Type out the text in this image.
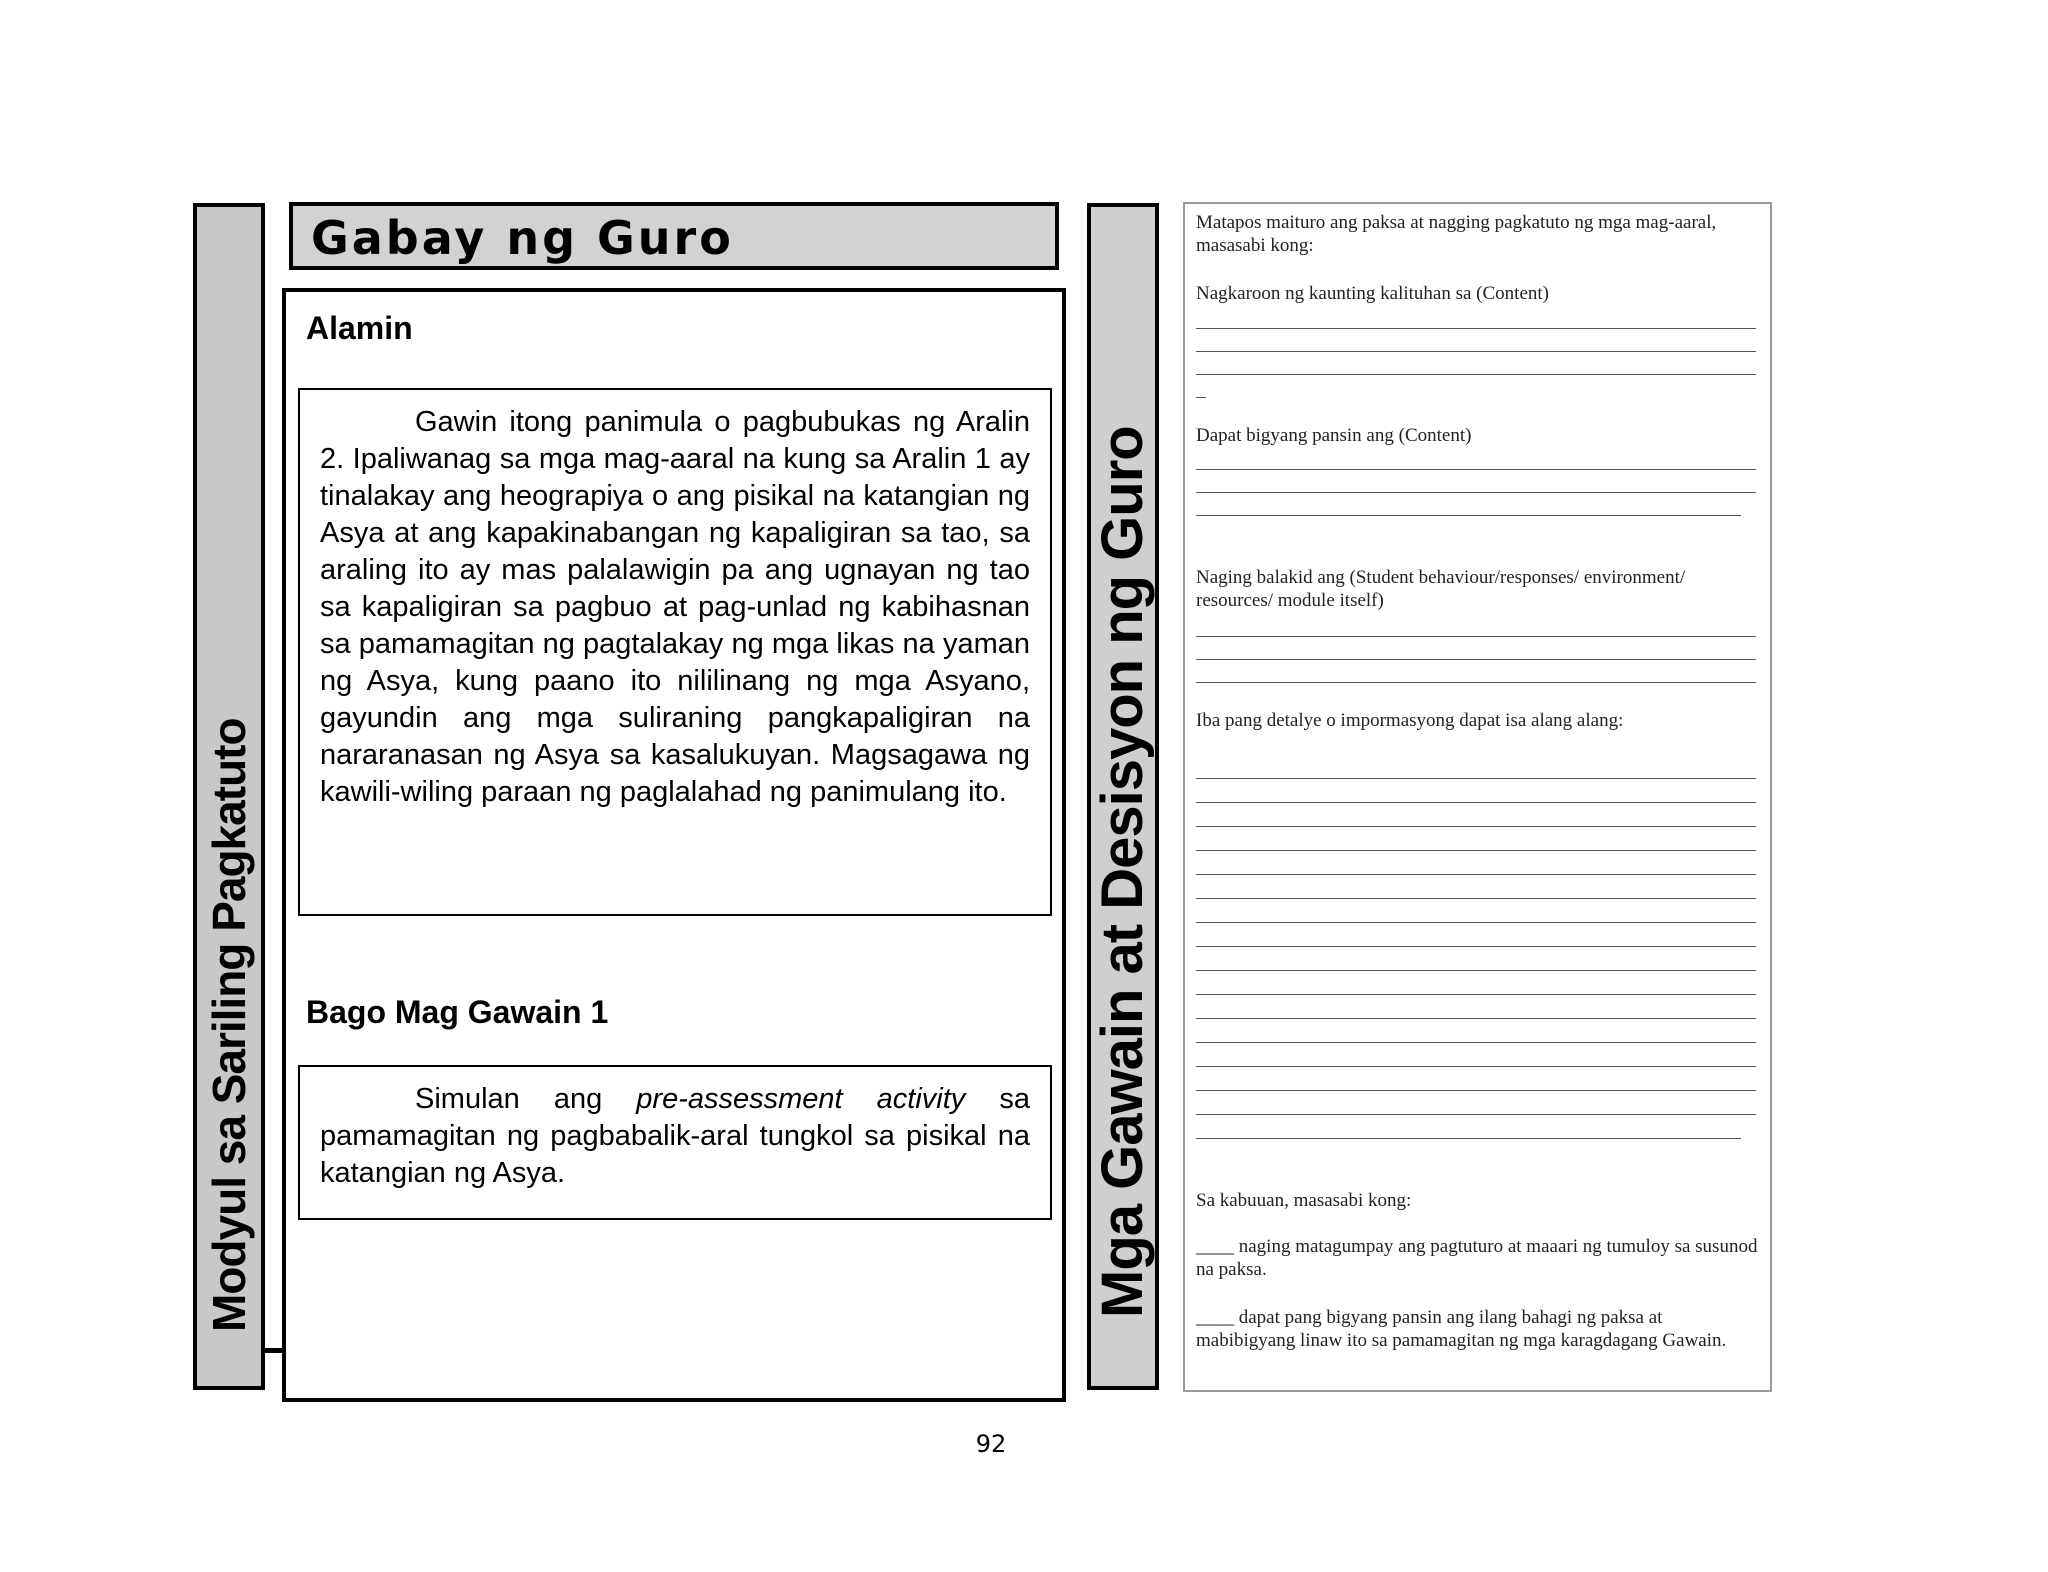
Modyul sa Sariling Pagkatuto
Gabay ng Guro
Alamin

Gawin itong panimula o pagbubukas ng Aralin 2. Ipaliwanag sa mga mag-aaral na kung sa Aralin 1 ay tinalakay ang heograpiya o ang pisikal na katangian ng Asya at ang kapakinabangan ng kapaligiran sa tao, sa araling ito ay mas palalawigin pa ang ugnayan ng tao sa kapaligiran sa pagbuo at pag-unlad ng kabihasnan sa pamamagitan ng pagtalakay ng mga likas na yaman ng Asya, kung paano ito nililinang ng mga Asyano, gayundin ang mga suliraning pangkapaligiran na nararanasan ng Asya sa kasalukuyan. Magsagawa ng kawili-wiling paraan ng paglalahad ng panimulang ito.

Bago Mag Gawain 1

Simulan ang pre-assessment activity sa pamamagitan ng pagbabalik-aral tungkol sa pisikal na katangian ng Asya.	Mga Gawain at Desisyon ng Guro
Matapos maituro ang paksa at nagging pagkatuto ng mga mag-aaral, masasabi kong:
Nagkaroon ng kaunting kalituhan sa (Content)
Dapat bigyang pansin ang (Content)
Naging balakid ang (Student behaviour/responses/ environment/ resources/ module itself)
Iba pang detalye o impormasyong dapat isa alang alang:
Sa kabuuan, masasabi kong:
____ naging matagumpay ang pagtuturo at maaari ng tumuloy sa susunod na paksa.
____ dapat pang bigyang pansin ang ilang bahagi ng paksa at mabibigyang linaw ito sa pamamagitan ng mga karagdagang Gawain.
92
